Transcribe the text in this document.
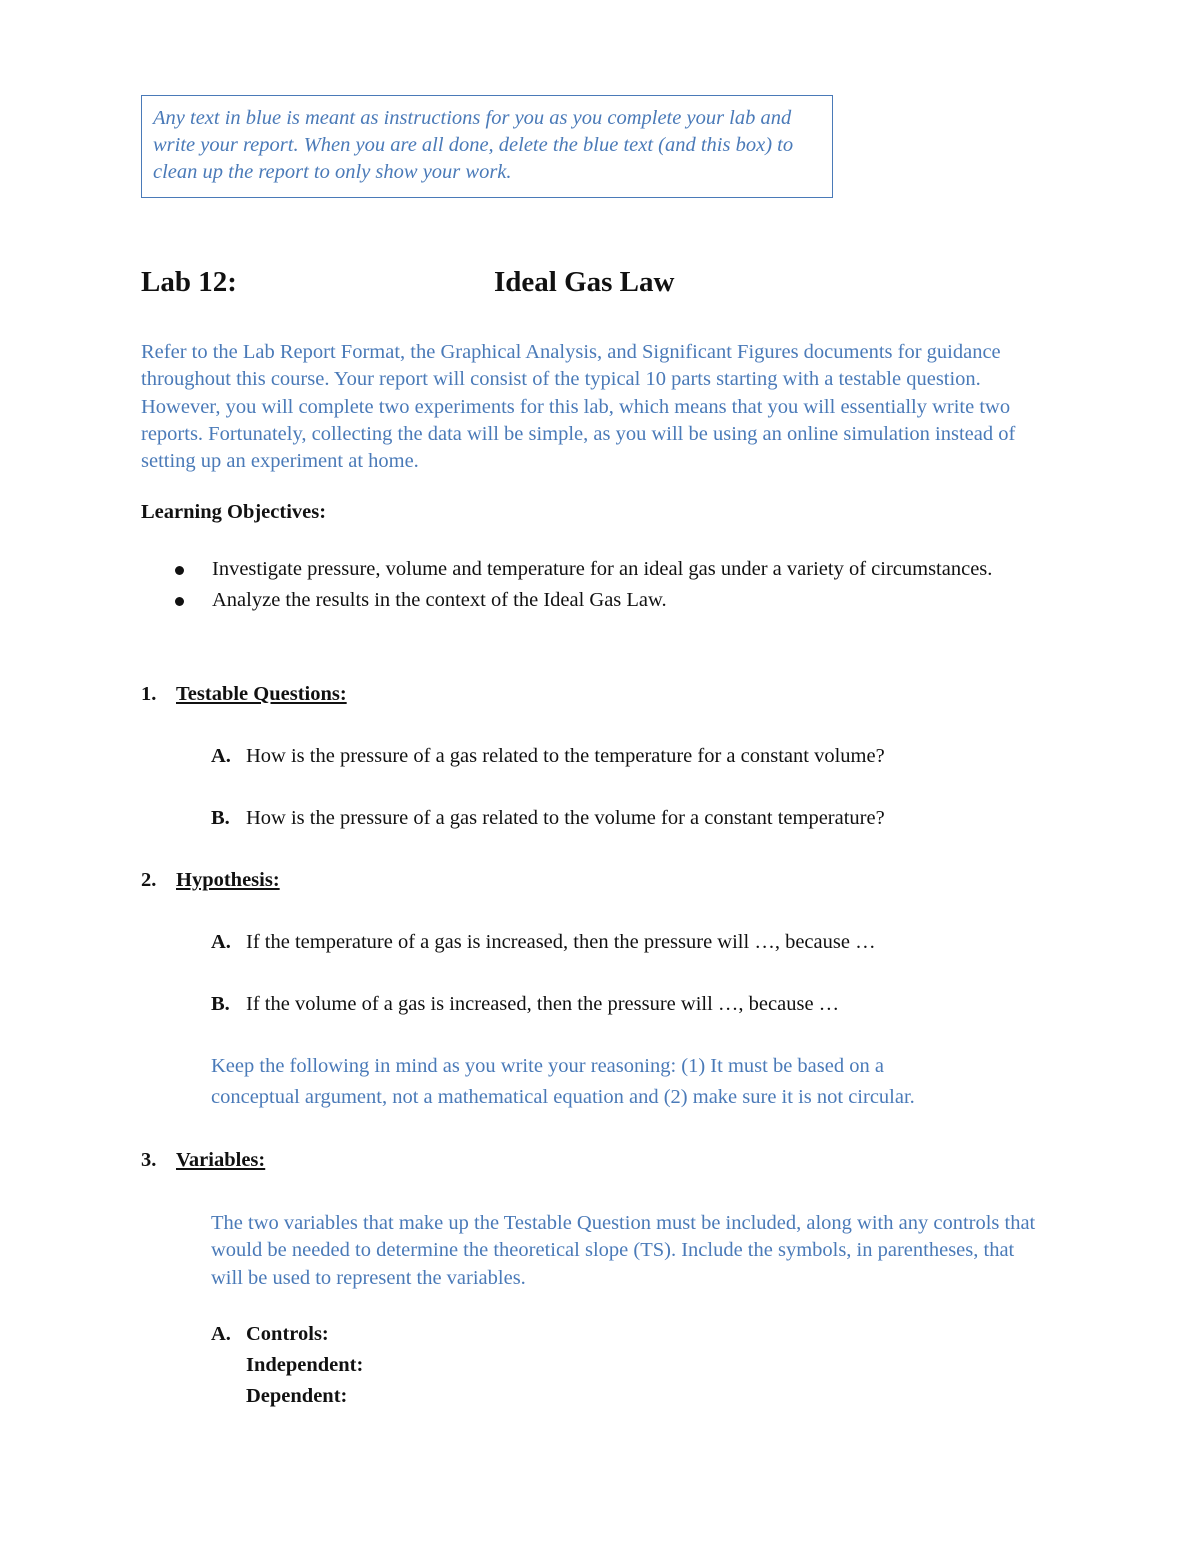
Any text in blue is meant as instructions for you as you complete your lab and write your report. When you are all done, delete the blue text (and this box) to clean up the report to only show your work.
Lab 12:	Ideal Gas Law
Refer to the Lab Report Format, the Graphical Analysis, and Significant Figures documents for guidance throughout this course. Your report will consist of the typical 10 parts starting with a testable question. However, you will complete two experiments for this lab, which means that you will essentially write two reports. Fortunately, collecting the data will be simple, as you will be using an online simulation instead of setting up an experiment at home.
Learning Objectives:
Investigate pressure, volume and temperature for an ideal gas under a variety of circumstances.
Analyze the results in the context of the Ideal Gas Law.
1. Testable Questions:
A. How is the pressure of a gas related to the temperature for a constant volume?
B. How is the pressure of a gas related to the volume for a constant temperature?
2. Hypothesis:
A. If the temperature of a gas is increased, then the pressure will …, because …
B. If the volume of a gas is increased, then the pressure will …, because …
Keep the following in mind as you write your reasoning: (1) It must be based on a
conceptual argument, not a mathematical equation and (2) make sure it is not circular.
3. Variables:
The two variables that make up the Testable Question must be included, along with any controls that would be needed to determine the theoretical slope (TS). Include the symbols, in parentheses, that will be used to represent the variables.
A. Controls:
Independent:
Dependent:
